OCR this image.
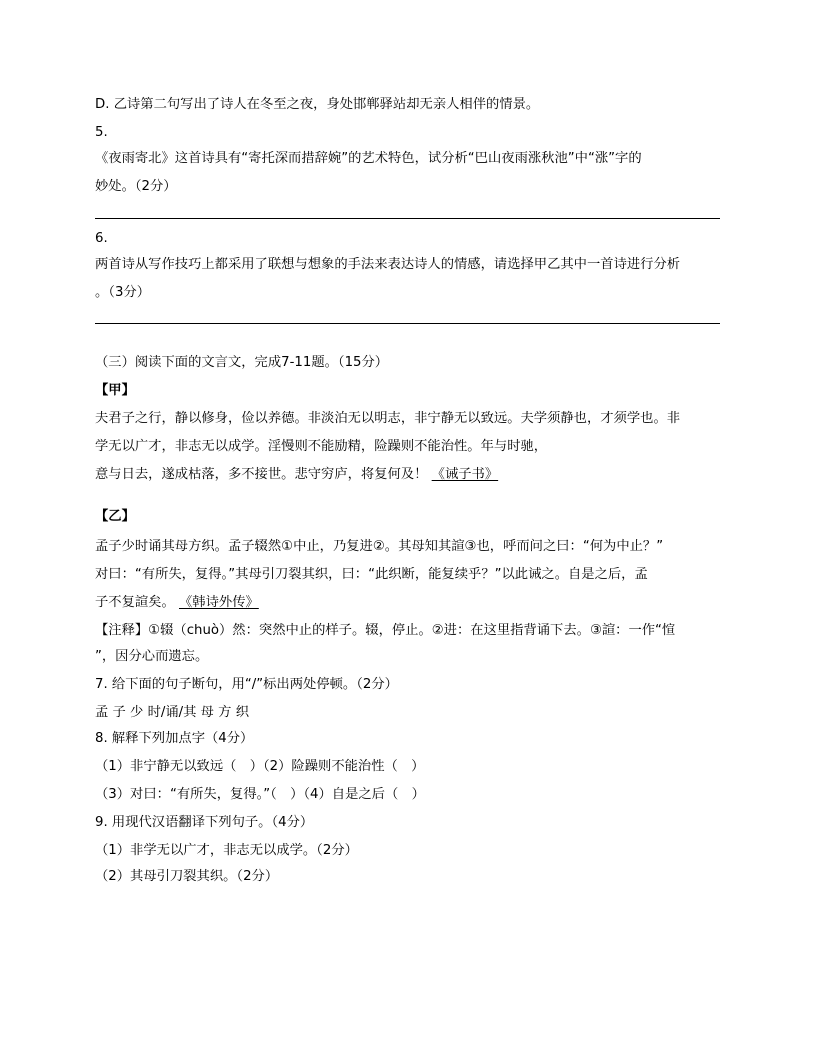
D. 乙诗第二句写出了诗人在冬至之夜，身处邯郸驿站却无亲人相伴的情景。
5.
《夜雨寄北》这首诗具有“寄托深而措辞婉”的艺术特色，试分析“巴山夜雨涨秋池”中“涨”字的
妙处。（2分）
6.
两首诗从写作技巧上都采用了联想与想象的手法来表达诗人的情感，请选择甲乙其中一首诗进行分析
。（3分）
（三）阅读下面的文言文，完成7-11题。（15分）
【甲】
夫君子之行，静以修身，俭以养德。非淡泊无以明志，非宁静无以致远。夫学须静也，才须学也。非
学无以广才，非志无以成学。淫慢则不能励精，险躁则不能治性。年与时驰，
意与日去，遂成枯落，多不接世。悲守穷庐，将复何及！ 《诫子书》
【乙】
孟子少时诵其母方织。孟子辍然①中止，乃复进②。其母知其諠③也，呼而问之曰：“何为中止？”
对曰：“有所失，复得。”其母引刀裂其织，曰：“此织断，能复续乎？”以此诫之。自是之后，孟
子不复諠矣。 《韩诗外传》
【注释】①辍（chuò）然：突然中止的样子。辍，停止。②进：在这里指背诵下去。③諠：一作“愃
”，因分心而遗忘。
7. 给下面的句子断句，用“/”标出两处停顿。（2分）
孟 子 少 时/诵/其 母 方 织
8. 解释下列加点字（4分）
（1）非宁静无以致远（　）（2）险躁则不能治性（　）
（3）对曰：“有所失，复得。”（　）（4）自是之后（　）
9. 用现代汉语翻译下列句子。（4分）
（1）非学无以广才，非志无以成学。（2分）
（2）其母引刀裂其织。（2分）
